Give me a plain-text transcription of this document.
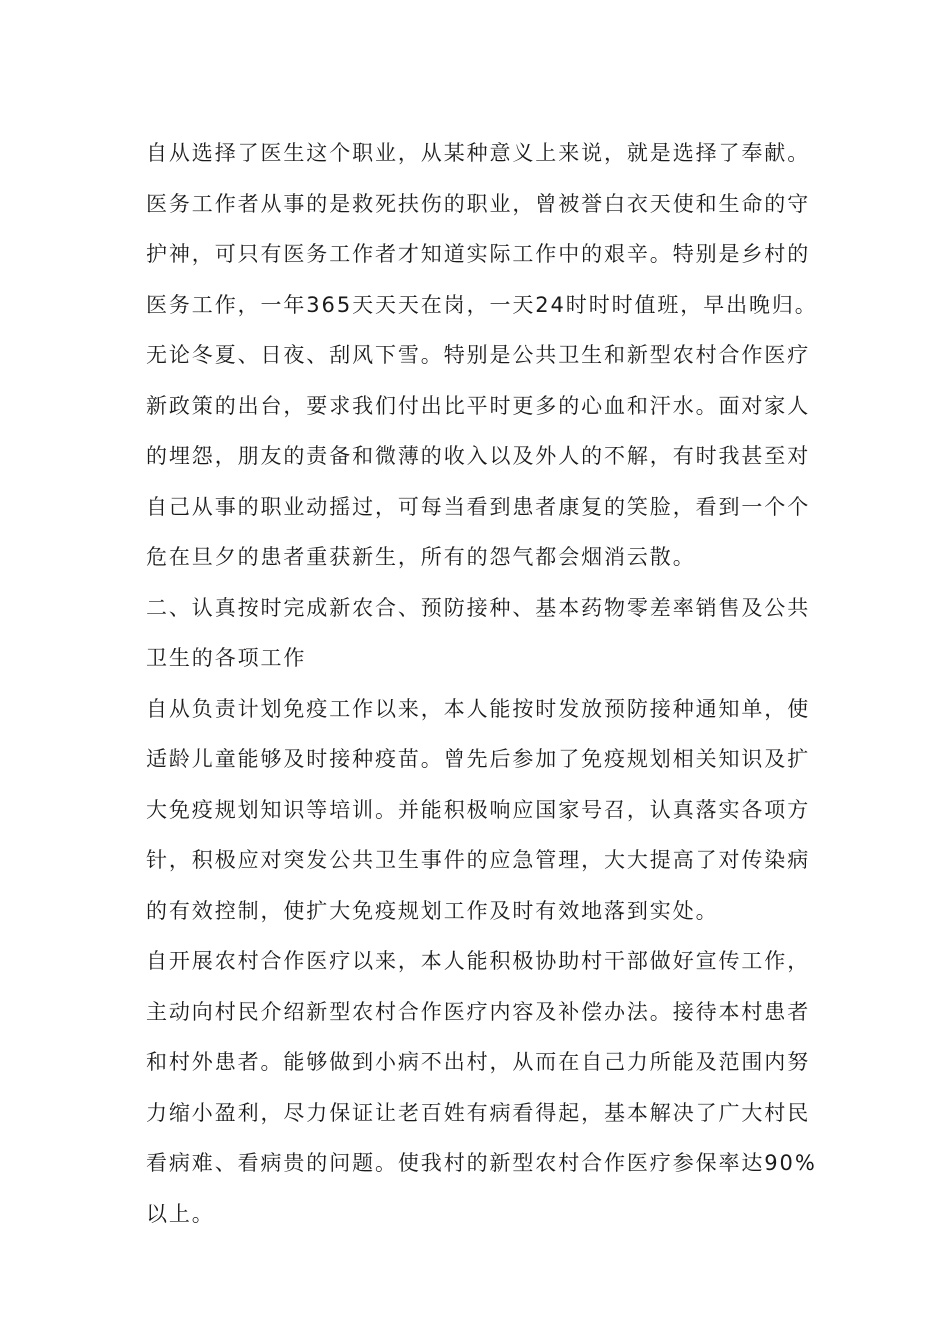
自从选择了医生这个职业，从某种意义上来说，就是选择了奉献。
医务工作者从事的是救死扶伤的职业，曾被誉白衣天使和生命的守
护神，可只有医务工作者才知道实际工作中的艰辛。特别是乡村的
医务工作，一年365天天天在岗，一天24时时时值班，早出晚归。
无论冬夏、日夜、刮风下雪。特别是公共卫生和新型农村合作医疗
新政策的出台，要求我们付出比平时更多的心血和汗水。面对家人
的埋怨，朋友的责备和微薄的收入以及外人的不解，有时我甚至对
自己从事的职业动摇过，可每当看到患者康复的笑脸，看到一个个
危在旦夕的患者重获新生，所有的怨气都会烟消云散。
二、认真按时完成新农合、预防接种、基本药物零差率销售及公共
卫生的各项工作
自从负责计划免疫工作以来，本人能按时发放预防接种通知单，使
适龄儿童能够及时接种疫苗。曾先后参加了免疫规划相关知识及扩
大免疫规划知识等培训。并能积极响应国家号召，认真落实各项方
针，积极应对突发公共卫生事件的应急管理，大大提高了对传染病
的有效控制，使扩大免疫规划工作及时有效地落到实处。
自开展农村合作医疗以来，本人能积极协助村干部做好宣传工作，
主动向村民介绍新型农村合作医疗内容及补偿办法。接待本村患者
和村外患者。能够做到小病不出村，从而在自己力所能及范围内努
力缩小盈利，尽力保证让老百姓有病看得起，基本解决了广大村民
看病难、看病贵的问题。使我村的新型农村合作医疗参保率达90%
以上。
